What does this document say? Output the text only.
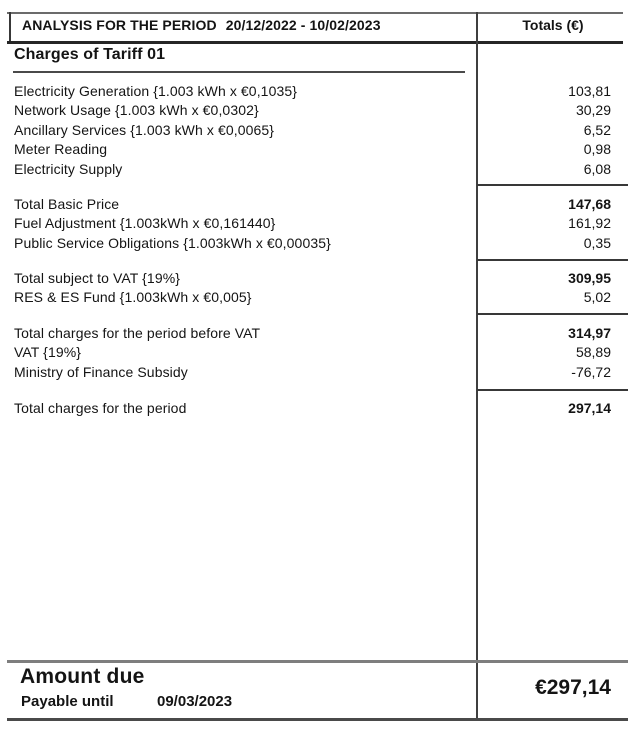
ANALYSIS FOR THE PERIOD 20/12/2022 - 10/02/2023	Totals (€)
Charges of Tariff 01
Electricity Generation {1.003 kWh x €0,1035}	103,81
Network Usage {1.003 kWh x €0,0302}	30,29
Ancillary Services {1.003 kWh x €0,0065}	6,52
Meter Reading	0,98
Electricity Supply	6,08
Total Basic Price	147,68
Fuel Adjustment {1.003kWh x €0,161440}	161,92
Public Service Obligations {1.003kWh x €0,00035}	0,35
Total subject to VAT {19%}	309,95
RES & ES Fund {1.003kWh x €0,005}	5,02
Total charges for the period before VAT	314,97
VAT {19%}	58,89
Ministry of Finance Subsidy	-76,72
Total charges for the period	297,14
Amount due
Payable until	09/03/2023
€297,14
